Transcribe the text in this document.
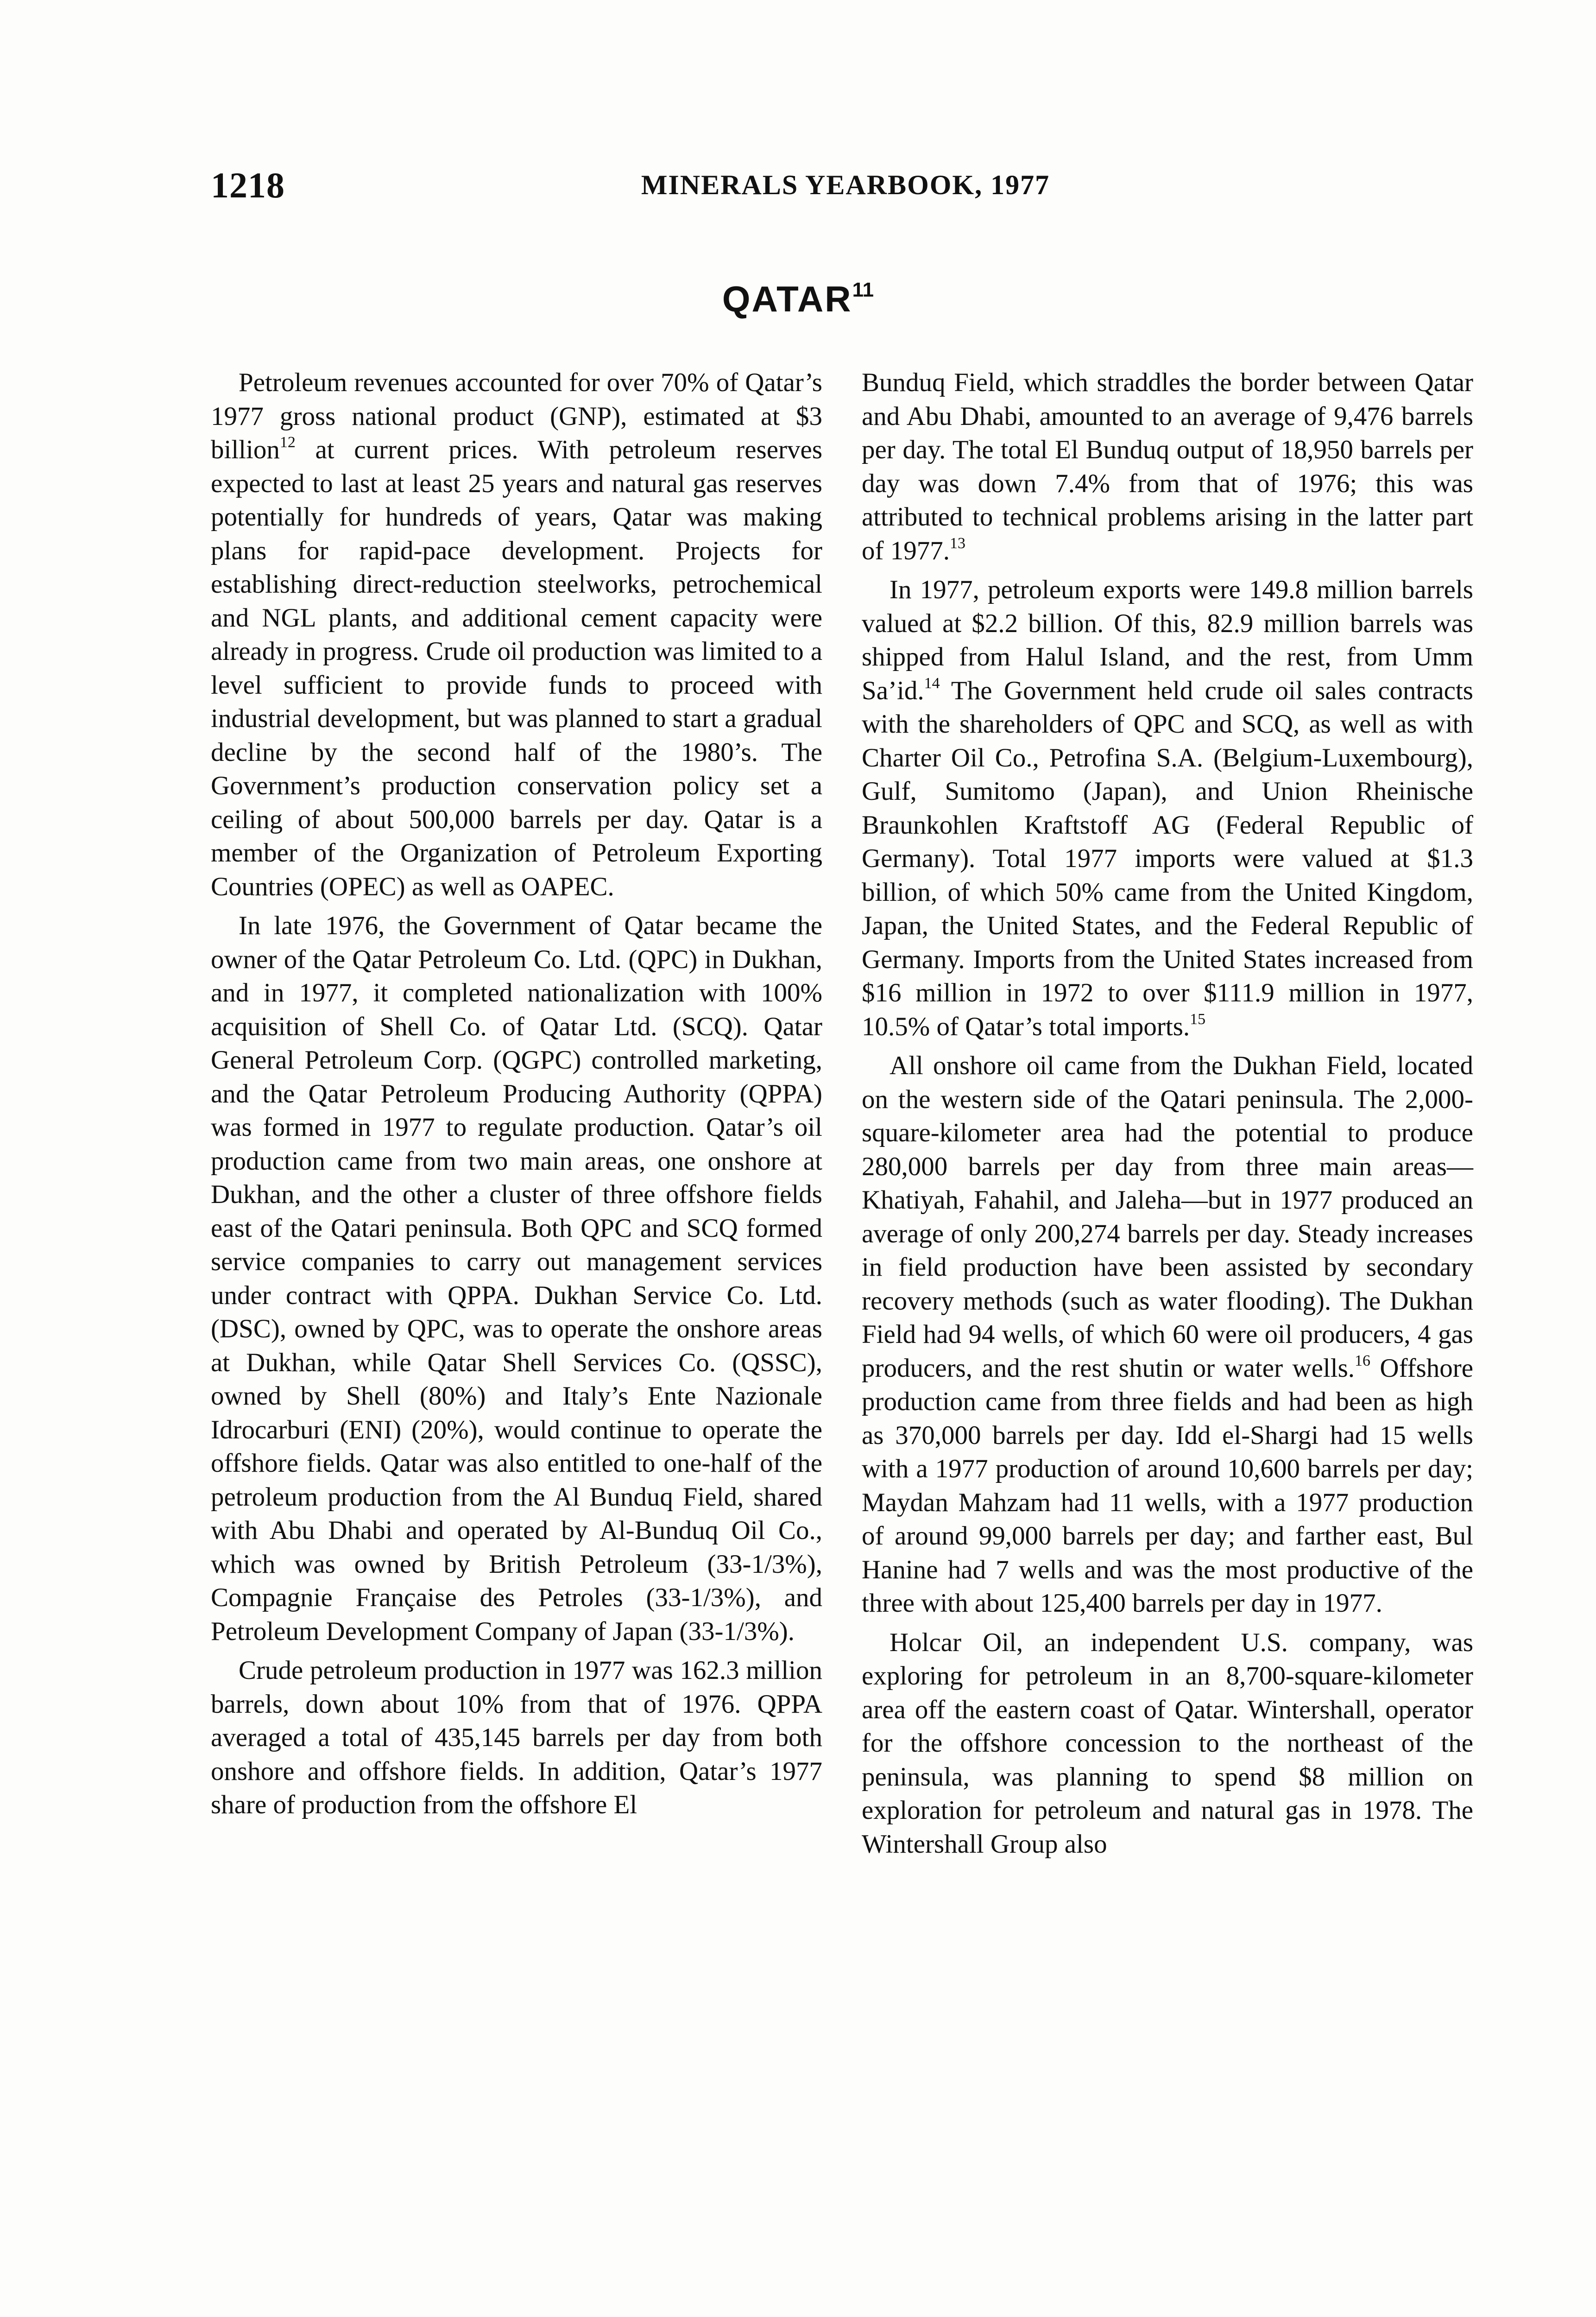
1218	MINERALS YEARBOOK, 1977
QATAR$^{11}$

Petroleum revenues accounted for over 70% of Qatar’s 1977 gross national product (GNP), estimated at $3 billion$^{12}$ at current prices. With petroleum reserves expected to last at least 25 years and natural gas reserves potentially for hundreds of years, Qatar was making plans for rapid-pace development. Projects for establishing direct-reduction steelworks, petrochemical and NGL plants, and additional cement capacity were already in progress. Crude oil production was limited to a level sufficient to provide funds to proceed with industrial development, but was planned to start a gradual decline by the second half of the 1980’s. The Government’s production conservation policy set a ceiling of about 500,000 barrels per day. Qatar is a member of the Organization of Petroleum Exporting Countries (OPEC) as well as OAPEC.

In late 1976, the Government of Qatar became the owner of the Qatar Petroleum Co. Ltd. (QPC) in Dukhan, and in 1977, it completed nationalization with 100% acquisition of Shell Co. of Qatar Ltd. (SCQ). Qatar General Petroleum Corp. (QGPC) controlled marketing, and the Qatar Petroleum Producing Authority (QPPA) was formed in 1977 to regulate production. Qatar’s oil production came from two main areas, one onshore at Dukhan, and the other a cluster of three offshore fields east of the Qatari peninsula. Both QPC and SCQ formed service companies to carry out management services under contract with QPPA. Dukhan Service Co. Ltd. (DSC), owned by QPC, was to operate the onshore areas at Dukhan, while Qatar Shell Services Co. (QSSC), owned by Shell (80%) and Italy’s Ente Nazionale Idrocarburi (ENI) (20%), would continue to operate the offshore fields. Qatar was also entitled to one-half of the petroleum production from the Al Bunduq Field, shared with Abu Dhabi and operated by Al-Bunduq Oil Co., which was owned by British Petroleum (33-1/3%), Compagnie Française des Petroles (33-1/3%), and Petroleum Development Company of Japan (33-1/3%).

Crude petroleum production in 1977 was 162.3 million barrels, down about 10% from that of 1976. QPPA averaged a total of 435,145 barrels per day from both onshore and offshore fields. In addition, Qatar’s 1977 share of production from the offshore El

Bunduq Field, which straddles the border between Qatar and Abu Dhabi, amounted to an average of 9,476 barrels per day. The total El Bunduq output of 18,950 barrels per day was down 7.4% from that of 1976; this was attributed to technical problems arising in the latter part of 1977.13

In 1977, petroleum exports were 149.8 million barrels valued at $2.2 billion. Of this, 82.9 million barrels was shipped from Halul Island, and the rest, from Umm Sa’id.$^{14}$ The Government held crude oil sales contracts with the shareholders of QPC and SCQ, as well as with Charter Oil Co., Petrofina S.A. (Belgium-Luxembourg), Gulf, Sumitomo (Japan), and Union Rheinische Braunkohlen Kraftstoff AG (Federal Republic of Germany). Total 1977 imports were valued at $1.3 billion, of which 50% came from the United Kingdom, Japan, the United States, and the Federal Republic of Germany. Imports from the United States increased from $16 million in 1972 to over $111.9 million in 1977, 10.5% of Qatar’s total imports.$^{15}$

All onshore oil came from the Dukhan Field, located on the western side of the Qatari peninsula. The 2,000-square-kilometer area had the potential to produce 280,000 barrels per day from three main areas—Khatiyah, Fahahil, and Jaleha—but in 1977 produced an average of only 200,274 barrels per day. Steady increases in field production have been assisted by secondary recovery methods (such as water flooding). The Dukhan Field had 94 wells, of which 60 were oil producers, 4 gas producers, and the rest shutin or water wells.$^{16}$ Offshore production came from three fields and had been as high as 370,000 barrels per day. Idd el-Shargi had 15 wells with a 1977 production of around 10,600 barrels per day; Maydan Mahzam had 11 wells, with a 1977 production of around 99,000 barrels per day; and farther east, Bul Hanine had 7 wells and was the most productive of the three with about 125,400 barrels per day in 1977.

Holcar Oil, an independent U.S. company, was exploring for petroleum in an 8,700-square-kilometer area off the eastern coast of Qatar. Wintershall, operator for the offshore concession to the northeast of the peninsula, was planning to spend $8 million on exploration for petroleum and natural gas in 1978. The Wintershall Group also
